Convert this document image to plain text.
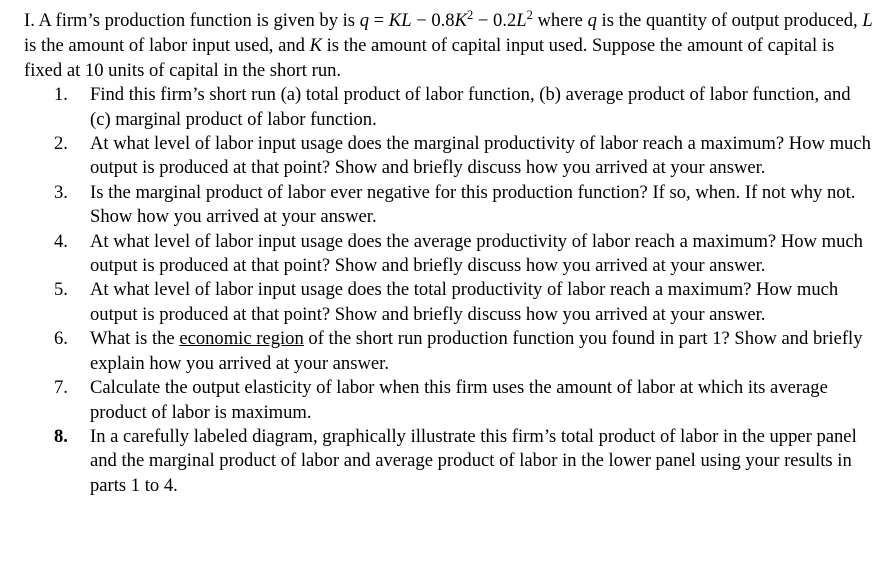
I. A firm’s production function is given by is q = KL − $0.8K^2 - 0.2L^2$ where q is the quantity of output produced, L is the amount of labor input used, and K is the amount of capital input used. Suppose the amount of capital is fixed at 10 units of capital in the short run.

1.	Find this firm’s short run (a) total product of labor function, (b) average product of labor function, and (c) marginal product of labor function.
2.	At what level of labor input usage does the marginal productivity of labor reach a maximum? How much output is produced at that point? Show and briefly discuss how you arrived at your answer.
3.	Is the marginal product of labor ever negative for this production function? If so, when. If not why not. Show how you arrived at your answer.
4.	At what level of labor input usage does the average productivity of labor reach a maximum? How much output is produced at that point? Show and briefly discuss how you arrived at your answer.
5.	At what level of labor input usage does the total productivity of labor reach a maximum? How much output is produced at that point? Show and briefly discuss how you arrived at your answer.
6.	What is the economic region of the short run production function you found in part 1? Show and briefly explain how you arrived at your answer.
7.	Calculate the output elasticity of labor when this firm uses the amount of labor at which its average product of labor is maximum.
8.	In a carefully labeled diagram, graphically illustrate this firm’s total product of labor in the upper panel and the marginal product of labor and average product of labor in the lower panel using your results in parts 1 to 4.
